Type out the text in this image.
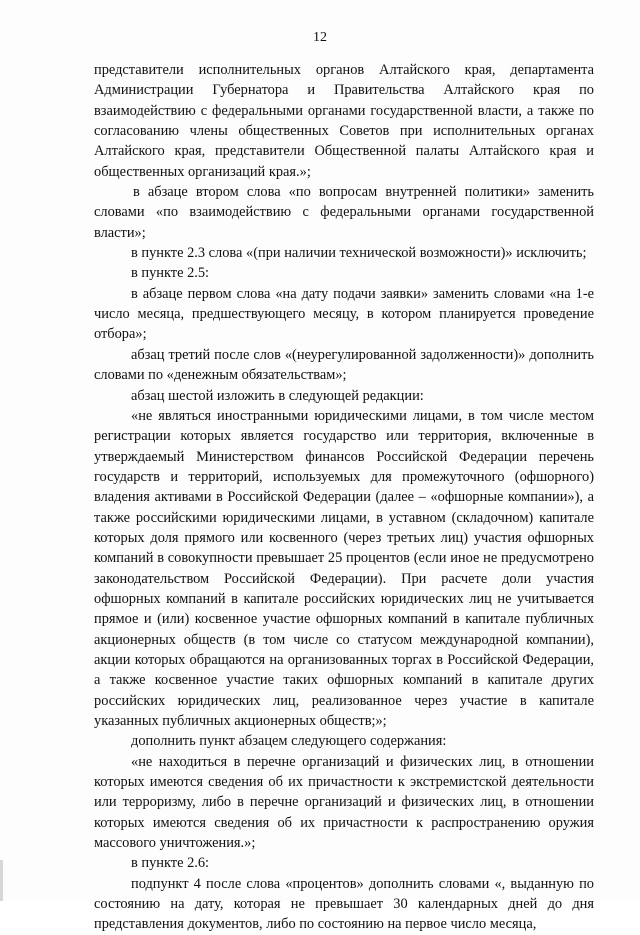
12

представители исполнительных органов Алтайского края, департамента Администрации Губернатора и Правительства Алтайского края по взаимодействию с федеральными органами государственной власти, а также по согласованию члены общественных Советов при исполнительных органах Алтайского края, представители Общественной палаты Алтайского края и общественных организаций края.»;

в абзаце втором слова «по вопросам внутренней политики» заменить словами «по взаимодействию с федеральными органами государственной власти»;

в пункте 2.3 слова «(при наличии технической возможности)» исключить;

в пункте 2.5:

в абзаце первом слова «на дату подачи заявки» заменить словами «на 1-е число месяца, предшествующего месяцу, в котором планируется проведение отбора»;

абзац третий после слов «(неурегулированной задолженности)» дополнить словами по «денежным обязательствам»;

абзац шестой изложить в следующей редакции:

«не являться иностранными юридическими лицами, в том числе местом регистрации которых является государство или территория, включенные в утверждаемый Министерством финансов Российской Федерации перечень государств и территорий, используемых для промежуточного (офшорного) владения активами в Российской Федерации (далее – «офшорные компании»), а также российскими юридическими лицами, в уставном (складочном) капитале которых доля прямого или косвенного (через третьих лиц) участия офшорных компаний в совокупности превышает 25 процентов (если иное не предусмотрено законодательством Российской Федерации). При расчете доли участия офшорных компаний в капитале российских юридических лиц не учитывается прямое и (или) косвенное участие офшорных компаний в капитале публичных акционерных обществ (в том числе со статусом международной компании), акции которых обращаются на организованных торгах в Российской Федерации, а также косвенное участие таких офшорных компаний в капитале других российских юридических лиц, реализованное через участие в капитале указанных публичных акционерных обществ;»;

дополнить пункт абзацем следующего содержания:

«не находиться в перечне организаций и физических лиц, в отношении которых имеются сведения об их причастности к экстремистской деятельности или терроризму, либо в перечне организаций и физических лиц, в отношении которых имеются сведения об их причастности к распространению оружия массового уничтожения.»;

в пункте 2.6:

подпункт 4 после слова «процентов» дополнить словами «, выданную по состоянию на дату, которая не превышает 30 календарных дней до дня представления документов, либо по состоянию на первое число месяца,
